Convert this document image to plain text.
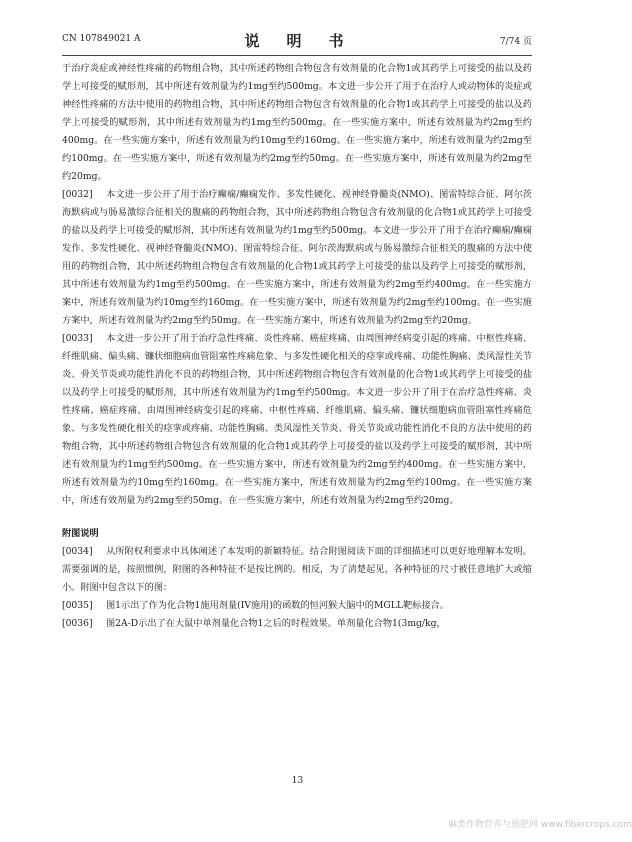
CN 107849021 A	说　明　书	7/74 页

于治疗炎症或神经性疼痛的药物组合物，其中所述药物组合物包含有效剂量的化合物1或其药学上可接受的盐以及药学上可接受的赋形剂，其中所述有效剂量为约1mg至约500mg。本文进一步公开了用于在治疗人或动物体的炎症或神经性疼痛的方法中使用的药物组合物，其中所述药物组合物包含有效剂量的化合物1或其药学上可接受的盐以及药学上可接受的赋形剂，其中所述有效剂量为约1mg至约500mg。在一些实施方案中，所述有效剂量为约2mg至约400mg。在一些实施方案中，所述有效剂量为约10mg至约160mg。在一些实施方案中，所述有效剂量为约2mg至约100mg。在一些实施方案中，所述有效剂量为约2mg至约50mg。在一些实施方案中，所述有效剂量为约2mg至约20mg。

[0032] 本文进一步公开了用于治疗癫痫/癫痫发作、多发性硬化、视神经脊髓炎(NMO)、图雷特综合征、阿尔茨海默病或与肠易激综合征相关的腹痛的药物组合物，其中所述药物组合物包含有效剂量的化合物1或其药学上可接受的盐以及药学上可接受的赋形剂，其中所述有效剂量为约1mg至约500mg。本文进一步公开了用于在治疗癫痫/癫痫发作、多发性硬化、视神经脊髓炎(NMO)、图雷特综合征、阿尔茨海默病或与肠易激综合征相关的腹痛的方法中使用的药物组合物，其中所述药物组合物包含有效剂量的化合物1或其药学上可接受的盐以及药学上可接受的赋形剂，其中所述有效剂量为约1mg至约500mg。在一些实施方案中，所述有效剂量为约2mg至约400mg。在一些实施方案中，所述有效剂量为约10mg至约160mg。在一些实施方案中，所述有效剂量为约2mg至约100mg。在一些实施方案中，所述有效剂量为约2mg至约50mg。在一些实施方案中，所述有效剂量为约2mg至约20mg。

[0033] 本文进一步公开了用于治疗急性疼痛、炎性疼痛、癌症疼痛、由周围神经病变引起的疼痛、中枢性疼痛、纤维肌痛、偏头痛、镰状细胞病血管阻塞性疼痛危象、与多发性硬化相关的痉挛或疼痛、功能性胸痛、类风湿性关节炎、骨关节炎或功能性消化不良的药物组合物，其中所述药物组合物包含有效剂量的化合物1或其药学上可接受的盐以及药学上可接受的赋形剂，其中所述有效剂量为约1mg至约500mg。本文进一步公开了用于在治疗急性疼痛、炎性疼痛、癌症疼痛、由周围神经病变引起的疼痛、中枢性疼痛、纤维肌痛、偏头痛、镰状细胞病血管阻塞性疼痛危象、与多发性硬化相关的痉挛或疼痛、功能性胸痛、类风湿性关节炎、骨关节炎或功能性消化不良的方法中使用的药物组合物，其中所述药物组合物包含有效剂量的化合物1或其药学上可接受的盐以及药学上可接受的赋形剂，其中所述有效剂量为约1mg至约500mg。在一些实施方案中，所述有效剂量为约2mg至约400mg。在一些实施方案中，所述有效剂量为约10mg至约160mg。在一些实施方案中，所述有效剂量为约2mg至约100mg。在一些实施方案中，所述有效剂量为约2mg至约50mg。在一些实施方案中，所述有效剂量为约2mg至约20mg。

附图说明

[0034] 从所附权利要求中具体阐述了本发明的新颖特征。结合附图阅读下面的详细描述可以更好地理解本发明。需要强调的是，按照惯例，附图的各种特征不是按比例的。相反，为了清楚起见，各种特征的尺寸被任意地扩大或缩小。附图中包含以下的图：

[0035] 图1示出了作为化合物1施用剂量(IV施用)的函数的恒河猴大脑中的MGLL靶标接合。

[0036] 图2A-D示出了在大鼠中单剂量化合物1之后的时程效果。单剂量化合物1(3mg/kg，

13
麻类作物营养与施肥网 www.fibercrops.com
